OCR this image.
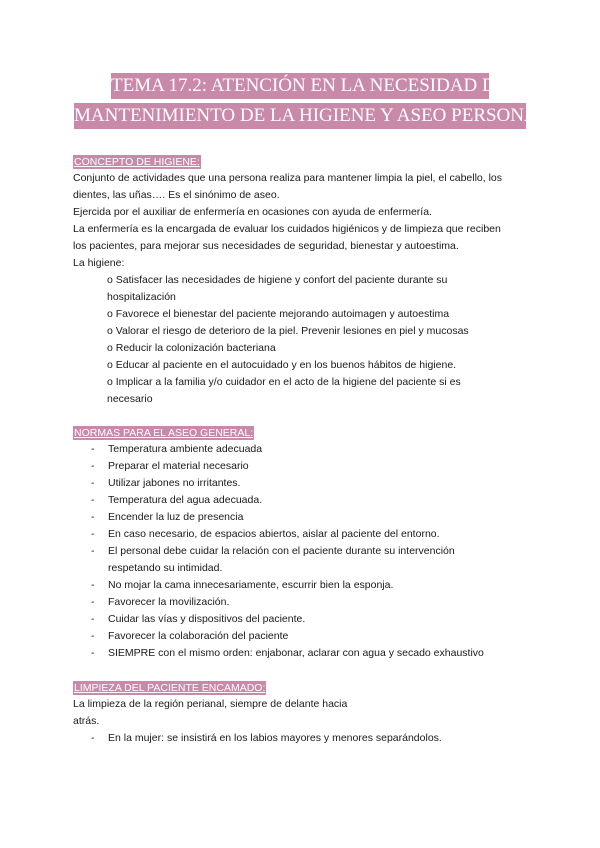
TEMA 17.2: ATENCIÓN EN LA NECESIDAD DE
MANTENIMIENTO DE LA HIGIENE Y ASEO PERSONAL
CONCEPTO DE HIGIENE:
Conjunto de actividades que una persona realiza para mantener limpia la piel, el cabello, los
dientes, las uñas…. Es el sinónimo de aseo.
Ejercida por el auxiliar de enfermería en ocasiones con ayuda de enfermería.
La enfermería es la encargada de evaluar los cuidados higiénicos y de limpieza que reciben
los pacientes, para mejorar sus necesidades de seguridad, bienestar y autoestima.
La higiene:
o Satisfacer las necesidades de higiene y confort del paciente durante su
hospitalización
o Favorece el bienestar del paciente mejorando autoimagen y autoestima
o Valorar el riesgo de deterioro de la piel. Prevenir lesiones en piel y mucosas
o Reducir la colonización bacteriana
o Educar al paciente en el autocuidado y en los buenos hábitos de higiene.
o Implicar a la familia y/o cuidador en el acto de la higiene del paciente si es
necesario
NORMAS PARA EL ASEO GENERAL:
- Temperatura ambiente adecuada
- Preparar el material necesario
- Utilizar jabones no irritantes.
- Temperatura del agua adecuada.
- Encender la luz de presencia
- En caso necesario, de espacios abiertos, aislar al paciente del entorno.
- El personal debe cuidar la relación con el paciente durante su intervención
respetando su intimidad.
- No mojar la cama innecesariamente, escurrir bien la esponja.
- Favorecer la movilización.
- Cuidar las vías y dispositivos del paciente.
- Favorecer la colaboración del paciente
- SIEMPRE con el mismo orden: enjabonar, aclarar con agua y secado exhaustivo
LIMPIEZA DEL PACIENTE ENCAMADO:
La limpieza de la región perianal, siempre de delante hacia
atrás.
- En la mujer: se insistirá en los labios mayores y menores separándolos.
